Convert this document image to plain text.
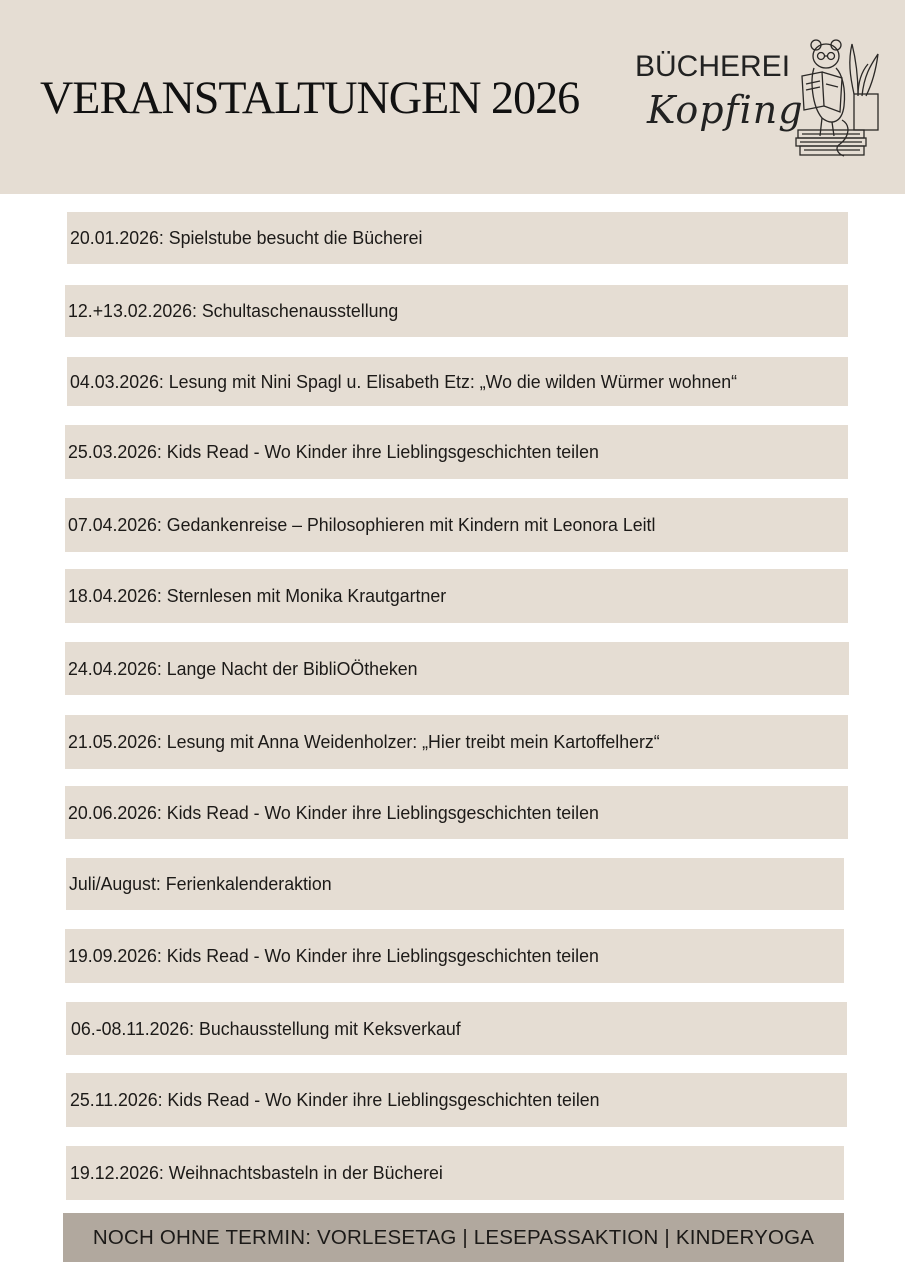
VERANSTALTUNGEN 2026
BÜCHEREI
Kopfing
20.01.2026: Spielstube besucht die Bücherei
12.+13.02.2026: Schultaschenausstellung
04.03.2026: Lesung mit Nini Spagl u. Elisabeth Etz: „Wo die wilden Würmer wohnen“
25.03.2026: Kids Read - Wo Kinder ihre Lieblingsgeschichten teilen
07.04.2026: Gedankenreise – Philosophieren mit Kindern mit Leonora Leitl
18.04.2026: Sternlesen mit Monika Krautgartner
24.04.2026: Lange Nacht der BibliOÖtheken
21.05.2026: Lesung mit Anna Weidenholzer: „Hier treibt mein Kartoffelherz“
20.06.2026: Kids Read - Wo Kinder ihre Lieblingsgeschichten teilen
Juli/August: Ferienkalenderaktion
19.09.2026: Kids Read - Wo Kinder ihre Lieblingsgeschichten teilen
06.-08.11.2026: Buchausstellung mit Keksverkauf
25.11.2026: Kids Read - Wo Kinder ihre Lieblingsgeschichten teilen
19.12.2026: Weihnachtsbasteln in der Bücherei
NOCH OHNE TERMIN: VORLESETAG | LESEPASSAKTION | KINDERYOGA
